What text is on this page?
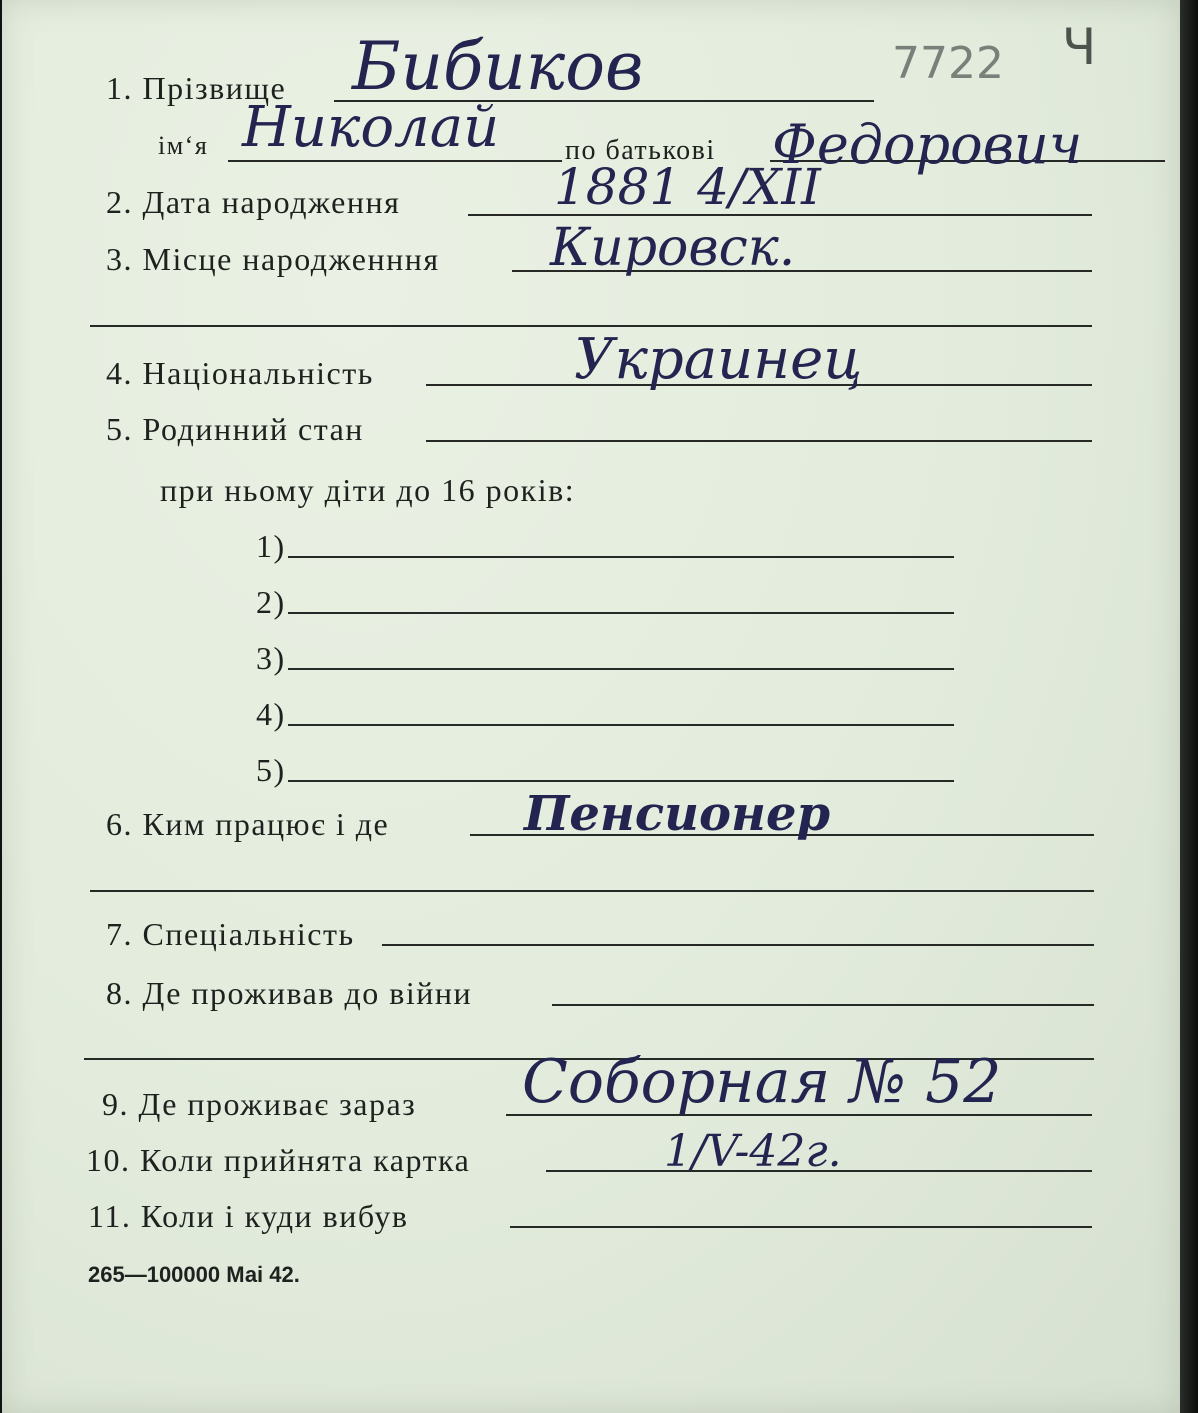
1. Прізвище Бибиков	7722 Ч
ім‘я Николай по батькові Федорович
2. Дата народження	1881 4/XII
3. Місце народженння Кировск.
4. Національність	Украинец
5. Родинний стан
при ньому діти до 16 років:
1)
2)
3)
4)
5)
6. Ким працює і де	Пенсионер
7. Спеціальність
8. Де проживав до війни
9. Де проживає зараз Соборная № 52
10. Коли прийнята картка	1/V-42г.
11. Коли і куди вибув
265—100000 Маі 42.
